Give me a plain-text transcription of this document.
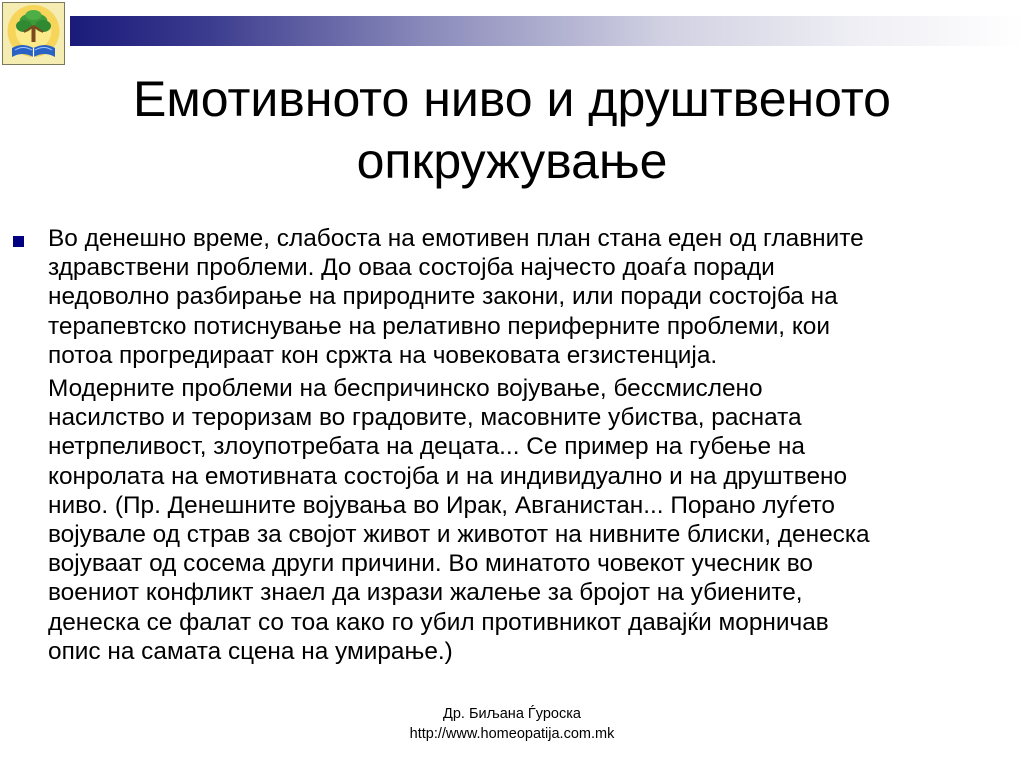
Емотивното ниво и друштвеното
опкружување

Во денешно време, слабоста на емотивен план стана еден од главните
здравствени проблеми. До оваа состојба најчесто доаѓа поради
недоволно разбирање на природните закони, или поради состојба на
терапевтско потиснување на релативно периферните проблеми, кои
потоа прогредираат кон сржта на човековата егзистенција.

Модерните проблеми на беспричинско војување, бессмислено
насилство и тероризам во градовите, масовните убиства, расната
нетрпеливост, злоупотребата на децата... Се пример на губење на
конролата на емотивната состојба и на индивидуално и на друштвено
ниво. (Пр. Денешните војувања во Ирак, Авганистан... Порано луѓето
војувале од страв за својот живот и животот на нивните блиски, денеска
војуваат од сосема други причини. Во минатото човекот учесник во
воениот конфликт знаел да изрази жалење за бројот на убиените,
денеска се фалат со тоа како го убил противникот давајќи морничав
опис на самата сцена на умирање.)

Др. Биљана Ѓуроска
http://www.homeopatija.com.mk
